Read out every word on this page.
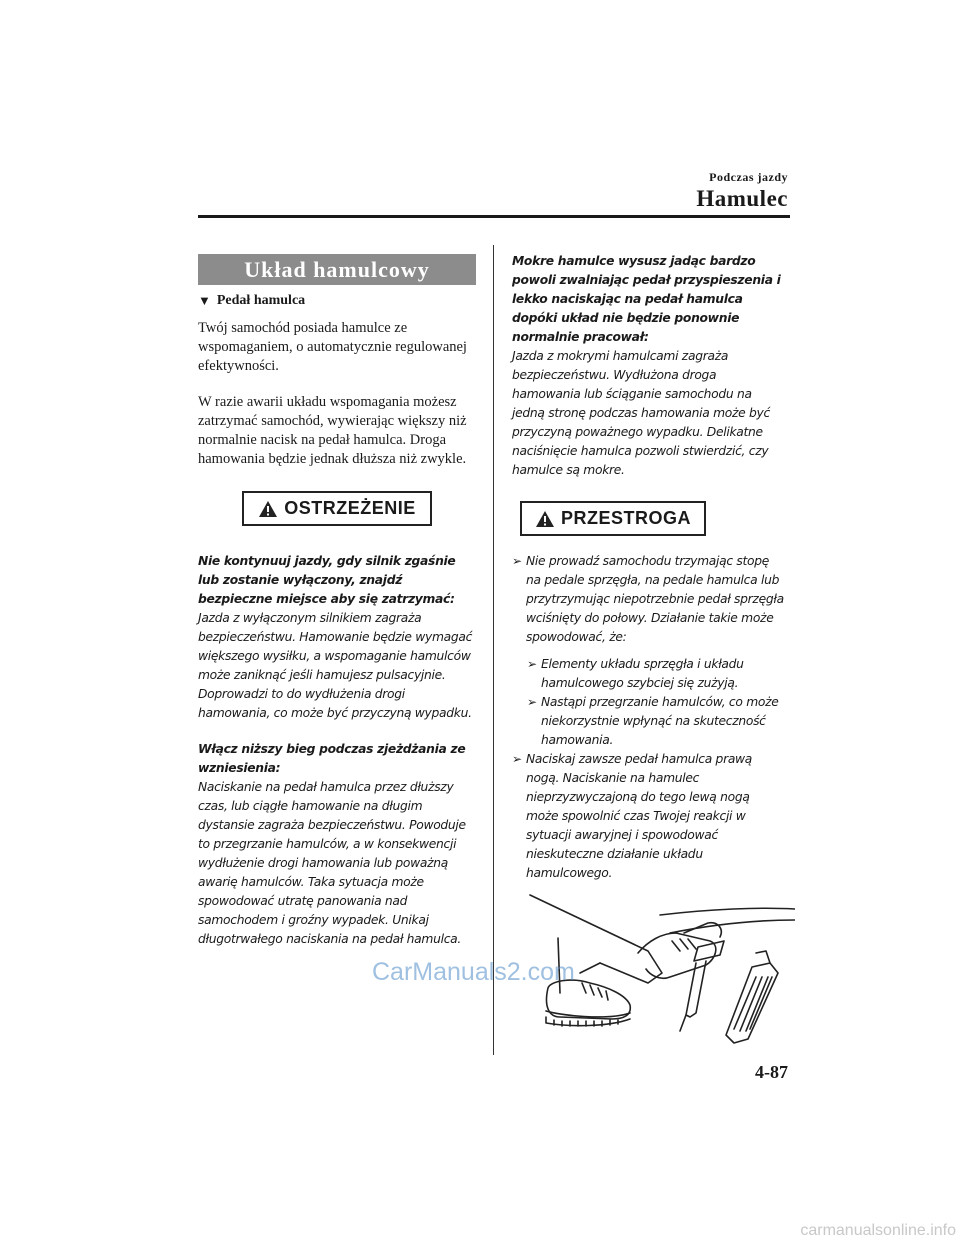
Podczas jazdy
Hamulec
Układ hamulcowy
▼ Pedał hamulca

Twój samochód posiada hamulce ze wspomaganiem, o automatycznie regulowanej efektywności.

W razie awarii układu wspomagania możesz zatrzymać samochód, wywierając większy niż normalnie nacisk na pedał hamulca. Droga hamowania będzie jednak dłuższa niż zwykle.

OSTRZEŻENIE

Nie kontynuuj jazdy, gdy silnik zgaśnie lub zostanie wyłączony, znajdź bezpieczne miejsce aby się zatrzymać:

Jazda z wyłączonym silnikiem zagraża bezpieczeństwu. Hamowanie będzie wymagać większego wysiłku, a wspomaganie hamulców może zaniknąć jeśli hamujesz pulsacyjnie. Doprowadzi to do wydłużenia drogi hamowania, co może być przyczyną wypadku.

Włącz niższy bieg podczas zjeżdżania ze wzniesienia:

Naciskanie na pedał hamulca przez dłuższy czas, lub ciągłe hamowanie na długim dystansie zagraża bezpieczeństwu. Powoduje to przegrzanie hamulców, a w konsekwencji wydłużenie drogi hamowania lub poważną awarię hamulców. Taka sytuacja może spowodować utratę panowania nad samochodem i groźny wypadek. Unikaj długotrwałego naciskania na pedał hamulca.

Mokre hamulce wysusz jadąc bardzo powoli zwalniając pedał przyspieszenia i lekko naciskając na pedał hamulca dopóki układ nie będzie ponownie normalnie pracował:

Jazda z mokrymi hamulcami zagraża bezpieczeństwu. Wydłużona droga hamowania lub ściąganie samochodu na jedną stronę podczas hamowania może być przyczyną poważnego wypadku. Delikatne naciśnięcie hamulca pozwoli stwierdzić, czy hamulce są mokre.

PRZESTROGA
➢ Nie prowadź samochodu trzymając stopę na pedale sprzęgła, na pedale hamulca lub przytrzymując niepotrzebnie pedał sprzęgła wciśnięty do połowy. Działanie takie może spowodować, że:

➢ Elementy układu sprzęgła i układu hamulcowego szybciej się zużyją.

➢ Nastąpi przegrzanie hamulców, co może niekorzystnie wpłynąć na skuteczność hamowania.

➢ Naciskaj zawsze pedał hamulca prawą nogą. Naciskanie na hamulec nieprzyzwyczajoną do tego lewą nogą może spowolnić czas Twojej reakcji w sytuacji awaryjnej i spowodować nieskuteczne działanie układu hamulcowego.

4-87
CarManuals2.com
carmanualsonline.info
